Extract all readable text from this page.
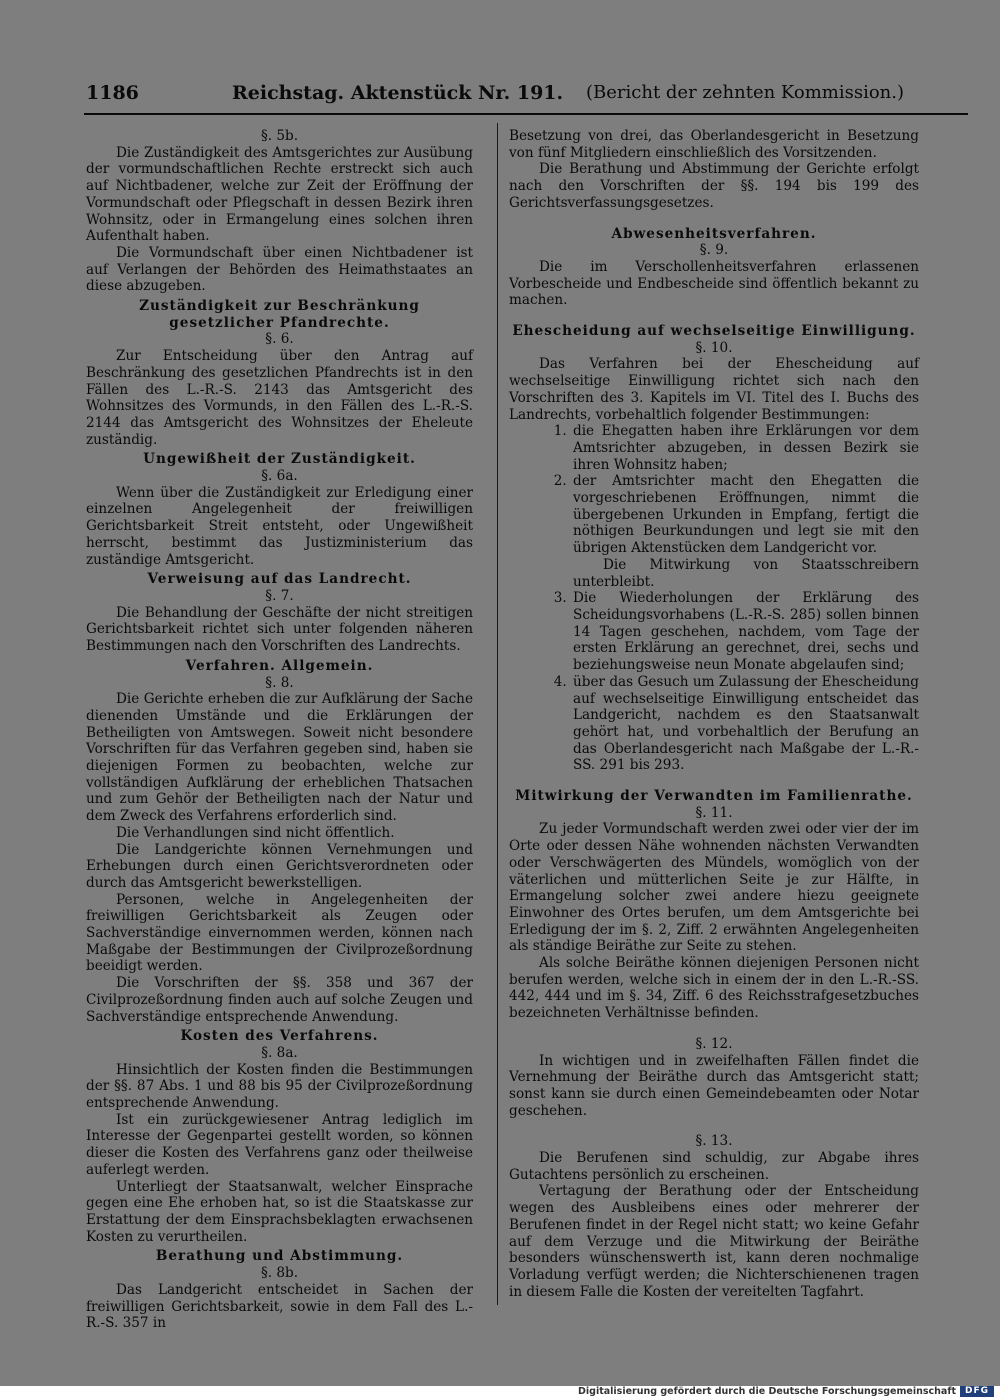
1186	Reichstag. Aktenstück Nr. 191. (Bericht der zehnten Kommission.)

§. 5b.

Die Zuständigkeit des Amtsgerichtes zur Ausübung der vormundschaftlichen Rechte erstreckt sich auch auf Nichtbadener, welche zur Zeit der Eröffnung der Vormundschaft oder Pflegschaft in dessen Bezirk ihren Wohnsitz, oder in Ermangelung eines solchen ihren Aufenthalt haben.

Die Vormundschaft über einen Nichtbadener ist auf Verlangen der Behörden des Heimathstaates an diese abzugeben.

Zuständigkeit zur Beschränkung gesetzlicher Pfandrechte.

§. 6.

Zur Entscheidung über den Antrag auf Beschränkung des gesetzlichen Pfandrechts ist in den Fällen des L.-R.-S. 2143 das Amtsgericht des Wohnsitzes des Vormunds, in den Fällen des L.-R.-S. 2144 das Amtsgericht des Wohnsitzes der Eheleute zuständig.

Ungewißheit der Zuständigkeit.

§. 6a.

Wenn über die Zuständigkeit zur Erledigung einer einzelnen Angelegenheit der freiwilligen Gerichtsbarkeit Streit entsteht, oder Ungewißheit herrscht, bestimmt das Justizministerium das zuständige Amtsgericht.

Verweisung auf das Landrecht.

§. 7.

Die Behandlung der Geschäfte der nicht streitigen Gerichtsbarkeit richtet sich unter folgenden näheren Bestimmungen nach den Vorschriften des Landrechts.

Verfahren. Allgemein.

§. 8.

Die Gerichte erheben die zur Aufklärung der Sache dienenden Umstände und die Erklärungen der Betheiligten von Amtswegen. Soweit nicht besondere Vorschriften für das Verfahren gegeben sind, haben sie diejenigen Formen zu beobachten, welche zur vollständigen Aufklärung der erheblichen Thatsachen und zum Gehör der Betheiligten nach der Natur und dem Zweck des Verfahrens erforderlich sind.

Die Verhandlungen sind nicht öffentlich.

Die Landgerichte können Vernehmungen und Erhebungen durch einen Gerichtsverordneten oder durch das Amtsgericht bewerkstelligen.

Personen, welche in Angelegenheiten der freiwilligen Gerichtsbarkeit als Zeugen oder Sachverständige einvernommen werden, können nach Maßgabe der Bestimmungen der Civilprozeßordnung beeidigt werden.

Die Vorschriften der §§. 358 und 367 der Civilprozeßordnung finden auch auf solche Zeugen und Sachverständige entsprechende Anwendung.

Kosten des Verfahrens.

§. 8a.

Hinsichtlich der Kosten finden die Bestimmungen der §§. 87 Abs. 1 und 88 bis 95 der Civilprozeßordnung entsprechende Anwendung.

Ist ein zurückgewiesener Antrag lediglich im Interesse der Gegenpartei gestellt worden, so können dieser die Kosten des Verfahrens ganz oder theilweise auferlegt werden.

Unterliegt der Staatsanwalt, welcher Einsprache gegen eine Ehe erhoben hat, so ist die Staatskasse zur Erstattung der dem Einsprachsbeklagten erwachsenen Kosten zu verurtheilen.

Berathung und Abstimmung.

§. 8b.

Das Landgericht entscheidet in Sachen der freiwilligen Gerichtsbarkeit, sowie in dem Fall des L.-R.-S. 357 in

Besetzung von drei, das Oberlandesgericht in Besetzung von fünf Mitgliedern einschließlich des Vorsitzenden.

Die Berathung und Abstimmung der Gerichte erfolgt nach den Vorschriften der §§. 194 bis 199 des Gerichtsverfassungsgesetzes.

Abwesenheitsverfahren.

§. 9.

Die im Verschollenheitsverfahren erlassenen Vorbescheide und Endbescheide sind öffentlich bekannt zu machen.

Ehescheidung auf wechselseitige Einwilligung.

§. 10.

Das Verfahren bei der Ehescheidung auf wechselseitige Einwilligung richtet sich nach den Vorschriften des 3. Kapitels im VI. Titel des I. Buchs des Landrechts, vorbehaltlich folgender Bestimmungen:

1. die Ehegatten haben ihre Erklärungen vor dem Amtsrichter abzugeben, in dessen Bezirk sie ihren Wohnsitz haben;
2. der Amtsrichter macht den Ehegatten die vorgeschriebenen Eröffnungen, nimmt die übergebenen Urkunden in Empfang, fertigt die nöthigen Beurkundungen und legt sie mit den übrigen Aktenstücken dem Landgericht vor.
Die Mitwirkung von Staatsschreibern unterbleibt.
3. Die Wiederholungen der Erklärung des Scheidungsvorhabens (L.-R.-S. 285) sollen binnen 14 Tagen geschehen, nachdem, vom Tage der ersten Erklärung an gerechnet, drei, sechs und beziehungsweise neun Monate abgelaufen sind;
4. über das Gesuch um Zulassung der Ehescheidung auf wechselseitige Einwilligung entscheidet das Landgericht, nachdem es den Staatsanwalt gehört hat, und vorbehaltlich der Berufung an das Oberlandesgericht nach Maßgabe der L.-R.-SS. 291 bis 293.

Mitwirkung der Verwandten im Familienrathe.

§. 11.

Zu jeder Vormundschaft werden zwei oder vier der im Orte oder dessen Nähe wohnenden nächsten Verwandten oder Verschwägerten des Mündels, womöglich von der väterlichen und mütterlichen Seite je zur Hälfte, in Ermangelung solcher zwei andere hiezu geeignete Einwohner des Ortes berufen, um dem Amtsgerichte bei Erledigung der im §. 2, Ziff. 2 erwähnten Angelegenheiten als ständige Beiräthe zur Seite zu stehen.

Als solche Beiräthe können diejenigen Personen nicht berufen werden, welche sich in einem der in den L.-R.-SS. 442, 444 und im §. 34, Ziff. 6 des Reichsstrafgesetzbuches bezeichneten Verhältnisse befinden.

§. 12.

In wichtigen und in zweifelhaften Fällen findet die Vernehmung der Beiräthe durch das Amtsgericht statt; sonst kann sie durch einen Gemeindebeamten oder Notar geschehen.

§. 13.

Die Berufenen sind schuldig, zur Abgabe ihres Gutachtens persönlich zu erscheinen.

Vertagung der Berathung oder der Entscheidung wegen des Ausbleibens eines oder mehrerer der Berufenen findet in der Regel nicht statt; wo keine Gefahr auf dem Verzuge und die Mitwirkung der Beiräthe besonders wünschenswerth ist, kann deren nochmalige Vorladung verfügt werden; die Nichterschienenen tragen in diesem Falle die Kosten der vereitelten Tagfahrt.

Digitalisierung gefördert durch die Deutsche Forschungsgemeinschaft DFG
